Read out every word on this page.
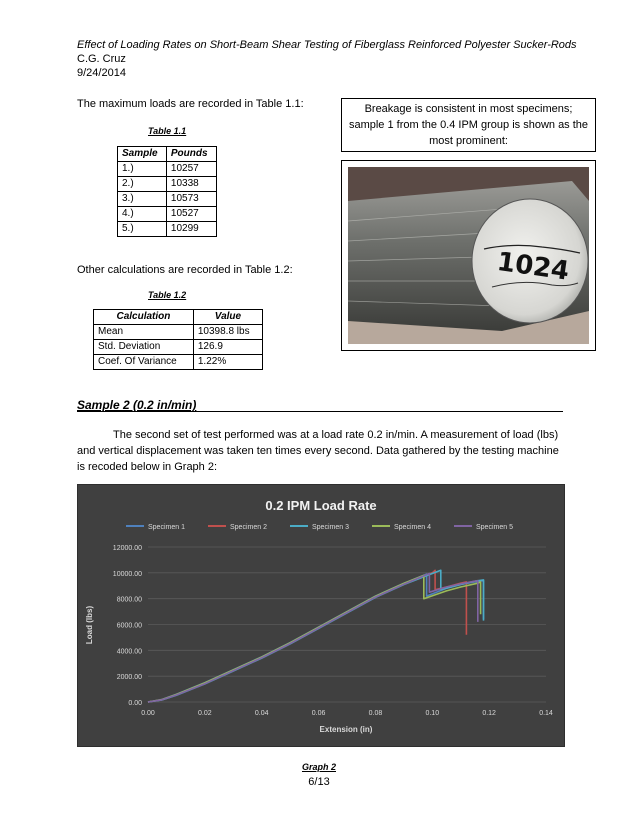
Effect of Loading Rates on Short-Beam Shear Testing of Fiberglass Reinforced Polyester Sucker-Rods
C.G. Cruz
9/24/2014
The maximum loads are recorded in Table 1.1:
Table 1.1
Sample	Pounds
1.)	10257
2.)	10338
3.)	10573
4.)	10527
5.)	10299
Breakage is consistent in most specimens; sample 1 from the 0.4 IPM group is shown as the most prominent:
1024
Other calculations are recorded in Table 1.2:
Table 1.2
Calculation	Value
Mean	10398.8 lbs
Std. Deviation	126.9
Coef. Of Variance	1.22%
Sample 2 (0.2 in/min)
The second set of test performed was at a load rate 0.2 in/min. A measurement of load (lbs) and vertical displacement was taken ten times every second. Data gathered by the testing machine is recoded below in Graph 2:
0.2 IPM Load Rate
Specimen 1	Specimen 2	Specimen 3	Specimen 4	Specimen 5
0.00
2000.00
4000.00
6000.00
8000.00
10000.00
12000.00
0.00	0.02	0.04	0.06	0.08	0.10	0.12	0.14
Extension (in)
Load (lbs)
Graph 2
6/13
